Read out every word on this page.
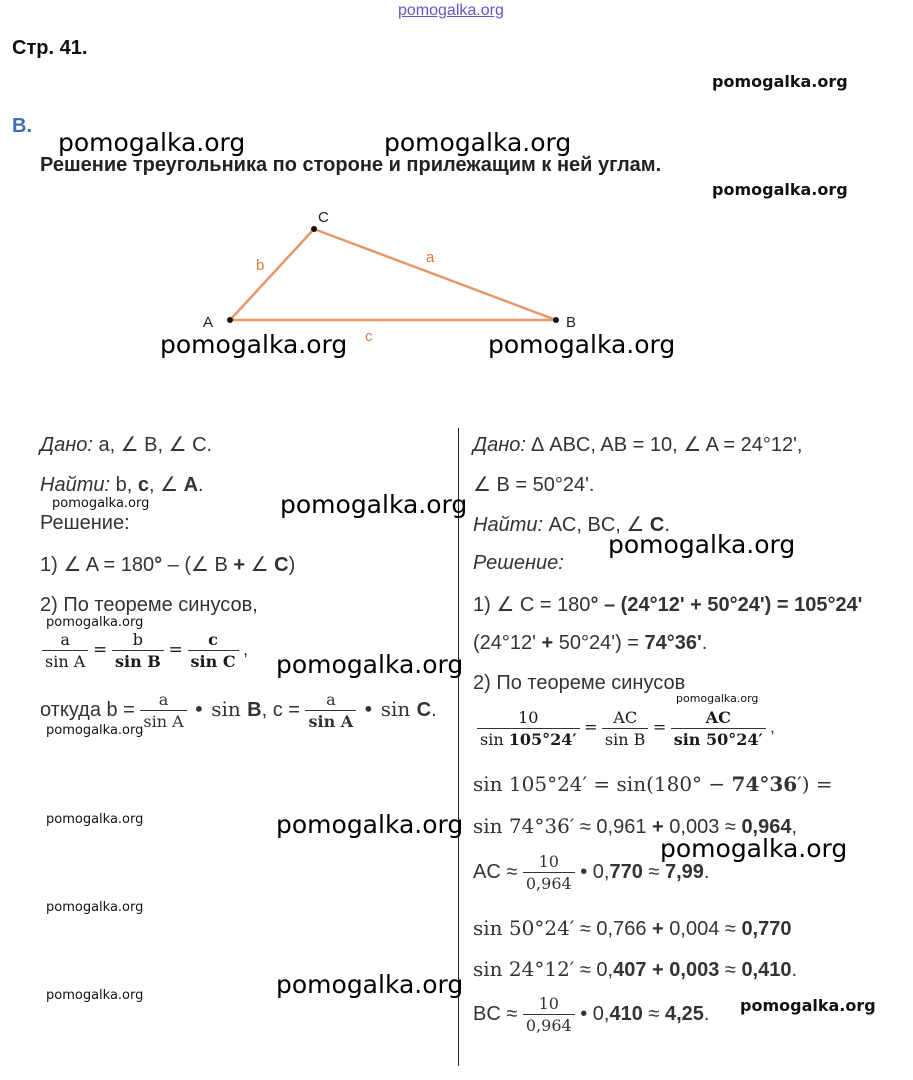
pomogalka.org
Стр. 41.
pomogalka.org
В.
pomogalka.org	pomogalka.org
Решение треугольника по стороне и прилежащим к ней углам.
pomogalka.org
A
C
B
b	a
c
pomogalka.org	pomogalka.org
Дано: a, ∠ B, ∠ C.
Найти: b, c, ∠ A.
pomogalka.org
Решение:
pomogalka.org
1) ∠ A = 180° – (∠ B + ∠ C)
2) По теореме синусов,
pomogalka.org
$\frac{a}{\text{sin A}} = \frac{b}{\text{sin B}} = \frac{c}{\text{sin C}}$ ,
pomogalka.org
откуда $b = \frac{a}{\text{sin A}}$ • sin B, $c = \frac{a}{\text{sin A}}$ • sin C.
pomogalka.org
pomogalka.org	pomogalka.org
pomogalka.org
pomogalka.org	pomogalka.org
Дано: ∆ ABC, AB = 10, ∠ A = 24°12',
∠ B = 50°24'.
Найти: AC, BC, ∠ C.
pomogalka.org
Решение:
1) ∠ C = 180° – (24°12' + 50°24') = 105°24'
(24°12' + 50°24') = 74°36'.
2) По теореме синусов
pomogalka.org
$\frac{10}{\sin 105^\circ 24'} = \frac{AC}{\text{sin B}} = \frac{AC}{\sin 50^\circ 24'}$ ,
sin 105°24′ = sin(180° − 74°36′) =
sin 74°36′ ≈ 0,961 + 0,003 ≈ 0,964,
pomogalka.org
AC ≈ $\frac{10}{0,964}$ • 0,770 ≈ 7,99.
sin 50°24′ ≈ 0,766 + 0,004 ≈ 0,770
sin 24°12′ ≈ 0,407 + 0,003 ≈ 0,410.
pomogalka.org
BC ≈ $\frac{10}{0,964}$ • 0,410 ≈ 4,25.
